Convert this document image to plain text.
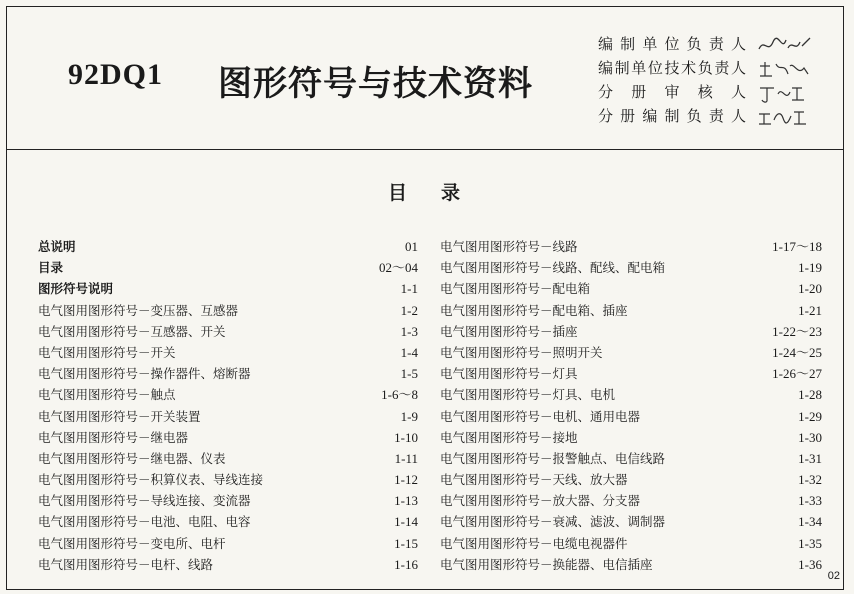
92DQ1 图形符号与技术资料
编制单位负责人
编制单位技术负责人
分册审核人
分册编制负责人
目录
总说明	01
目录	02～04
图形符号说明	1-1
电气图用图形符号－变压器、互感器	1-2
电气图用图形符号－互感器、开关	1-3
电气图用图形符号－开关	1-4
电气图用图形符号－操作器件、熔断器	1-5
电气图用图形符号－触点	1-6～8
电气图用图形符号－开关装置	1-9
电气图用图形符号－继电器	1-10
电气图用图形符号－继电器、仪表	1-11
电气图用图形符号－积算仪表、导线连接	1-12
电气图用图形符号－导线连接、变流器	1-13
电气图用图形符号－电池、电阻、电容	1-14
电气图用图形符号－变电所、电杆	1-15
电气图用图形符号－电杆、线路	1-16
电气图用图形符号－线路	1-17～18
电气图用图形符号－线路、配线、配电箱	1-19
电气图用图形符号－配电箱	1-20
电气图用图形符号－配电箱、插座	1-21
电气图用图形符号－插座	1-22～23
电气图用图形符号－照明开关	1-24～25
电气图用图形符号－灯具	1-26～27
电气图用图形符号－灯具、电机	1-28
电气图用图形符号－电机、通用电器	1-29
电气图用图形符号－接地	1-30
电气图用图形符号－报警触点、电信线路	1-31
电气图用图形符号－天线、放大器	1-32
电气图用图形符号－放大器、分支器	1-33
电气图用图形符号－衰减、滤波、调制器	1-34
电气图用图形符号－电缆电视器件	1-35
电气图用图形符号－换能器、电信插座	1-36
02
